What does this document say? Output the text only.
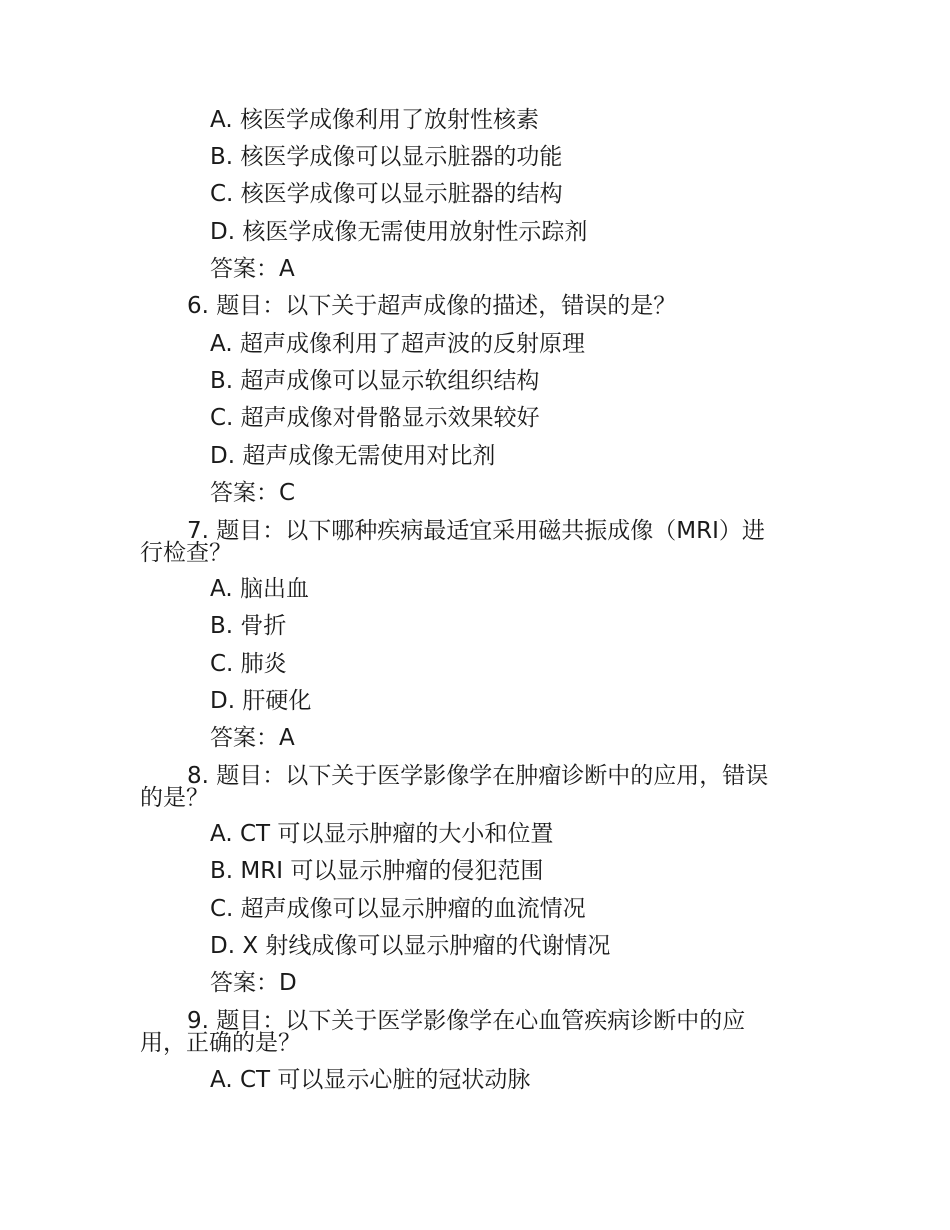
A. 核医学成像利用了放射性核素
B. 核医学成像可以显示脏器的功能
C. 核医学成像可以显示脏器的结构
D. 核医学成像无需使用放射性示踪剂
答案：A
6. 题目：以下关于超声成像的描述，错误的是？
A. 超声成像利用了超声波的反射原理
B. 超声成像可以显示软组织结构
C. 超声成像对骨骼显示效果较好
D. 超声成像无需使用对比剂
答案：C
7. 题目：以下哪种疾病最适宜采用磁共振成像（MRI）进
行检查？
A. 脑出血
B. 骨折
C. 肺炎
D. 肝硬化
答案：A
8. 题目：以下关于医学影像学在肿瘤诊断中的应用，错误
的是？
A. CT 可以显示肿瘤的大小和位置
B. MRI 可以显示肿瘤的侵犯范围
C. 超声成像可以显示肿瘤的血流情况
D. X 射线成像可以显示肿瘤的代谢情况
答案：D
9. 题目：以下关于医学影像学在心血管疾病诊断中的应
用，正确的是？
A. CT 可以显示心脏的冠状动脉
